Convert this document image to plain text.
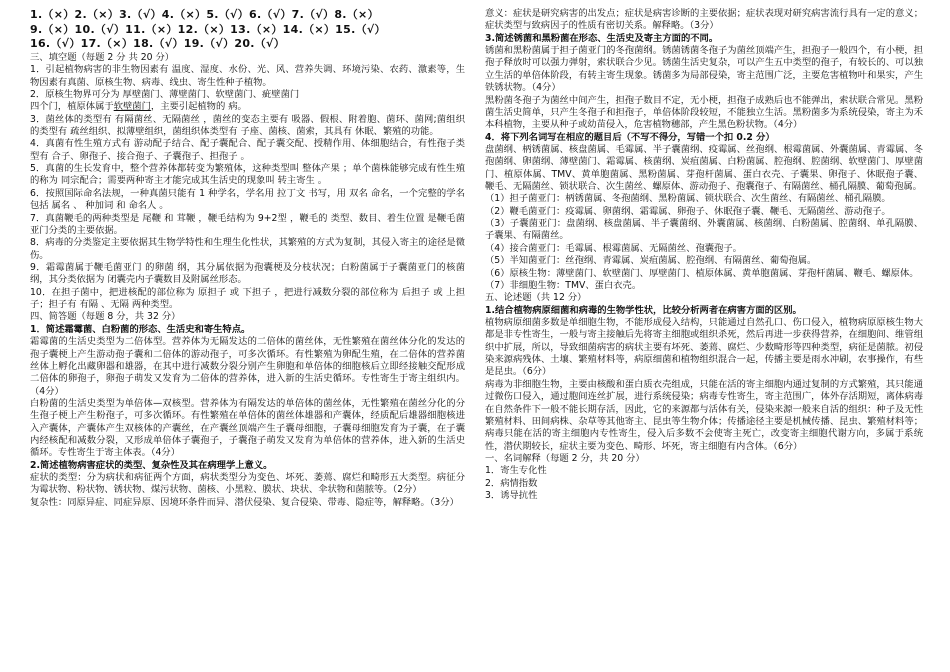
1.（×）2.（×）3.（√）4.（×）5.（√）6.（√）7.（√）8.（×）

9.（×）10.（√）11.（×）12.（×）13.（×）14.（×）15.（√）

16.（√）17.（×）18.（√）19.（√）20.（√）

三、填空题（每题 2 分 共 20 分）

1．引起植物病害的非生物因素有 温度、湿度、水份、光、风、营养失调、环境污染、农药、激素等，生物因素有真菌、原核生物、病毒、线虫、寄生性种子植物。

2．原核生物界可分为 厚壁菌门、薄壁菌门、软壁菌门、疵壁菌门

四个门，植原体属于软壁菌门，主要引起植物的 病。

3．菌丝体的类型有 有隔菌丝、无隔菌丝 ，菌丝的变态主要有 吸器、假根、附着胞、菌环、菌网;菌组织的类型有 疏丝组织、拟薄壁组织，菌组织体类型有 子座、菌核、菌索，其具有 休眠、繁殖的功能。

4．真菌有性生殖方式有 游动配子结合、配子囊配合、配子囊交配、授精作用、体细胞结合，有性孢子类型有 合子、卵孢子、接合孢子、子囊孢子、担孢子 。

5．真菌的生长发育中，整个营养体都转变为繁殖体，这种类型叫 整体产果 ；单个菌株能够完成有性生殖的称为 同宗配合；需要两种寄主才能完成其生活史的现象叫 转主寄生 。

6．按照国际命名法规，一种真菌只能有 1 种学名，学名用 拉丁文 书写，用 双名 命名，一个完整的学名包括 属名 、 种加词 和 命名人 。

7．真菌鞭毛的两种类型是 尾鞭 和 茸鞭 ，鞭毛结构为 9+2型 ，鞭毛的 类型、数目、着生位置 是鞭毛菌亚门分类的主要依据。

8．病毒的分类鉴定主要依据其生物学特性和生理生化性状，其繁殖的方式为复制，其侵入寄主的途径是微伤。

9．霜霉菌属于鞭毛菌亚门 的卵菌 纲，其分属依据为孢囊梗及分枝状况；白粉菌属于子囊菌亚门的核菌 纲，其分类依据为 闭囊壳内子囊数目及附属丝形态。

10．在担子菌中，把进核配的部位称为 原担子 或 下担子 ，把进行减数分裂的部位称为 后担子 或 上担子；担子有 有隔 、无隔 两种类型。

四、简答题（每题 8 分，共 32 分）

1．简述霜霉菌、白粉菌的形态、生活史和寄生特点。

霜霉菌的生活史类型为二倍体型。营养体为无隔发达的二倍体的菌丝体，无性繁殖在菌丝体分化的发达的孢子囊梗上产生游动孢子囊和二倍体的游动孢子，可多次循环。有性繁殖为卵配生殖，在二倍体的营养菌丝体上孵化出藏卵器和雄器，在其中进行减数分裂分别产生卵胞和单倍体的细胞核后立即经接触交配形成二倍体的卵孢子，卵孢子萌发又发育为二倍体的营养体，进入新的生活史循环。专性寄生于寄主组织内。（4分）

白粉菌的生活史类型为单倍体—双核型。营养体为有隔发达的单倍体的菌丝体，无性繁殖在菌丝分化的分生孢子梗上产生粉孢子，可多次循环。有性繁殖在单倍体的菌丝体雄器和产囊体，经质配后雄器细胞核进入产囊体，产囊体产生双核体的产囊丝，在产囊丝顶端产生子囊母细胞，子囊母细胞发育为子囊，在子囊内经核配和减数分裂，又形成单倍体子囊孢子，子囊孢子萌发又发育为单倍体的营养体，进入新的生活史循环。专性寄生于寄主体表。（4分）

2.简述植物病害症状的类型、复杂性及其在病理学上意义。

症状的类型：分为病状和病征两个方面，病状类型分为变色、坏死、萎蔫、腐烂和畸形五大类型。病征分为霉状物、粉状物、锈状物、煤污状物、菌核、小黑粒、膜状、块状、伞状物和菌脓等。（2分）

复杂性：同原异症、同症异原、因境环条件而异、潜伏侵染、复合侵染、带毒、隐症等，解释略。（3分）

意义：症状是研究病害的出发点；症状是病害诊断的主要依据；症状表现对研究病害流行具有一定的意义；症状类型与致病因子的性质有密切关系。解释略。（3分）

3.简述锈菌和黑粉菌在形态、生活史及寄主方面的不同。

锈菌和黑粉菌属于担子菌亚门的冬孢菌纲。锈菌锈菌冬孢子为菌丝顶端产生，担孢子一般四个，有小梗，担孢子释放时可以强力弹射，索状联合少见。锈菌生活史复杂，可以产生五中类型的孢子，有较长的、可以独立生活的单倍体阶段，有转主寄生现象。锈菌多为局部侵染，寄主范围广泛，主要危害植物叶和果实，产生铁锈状物。（4分）

黑粉菌冬孢子为菌丝中间产生，担孢子数目不定，无小梗，担孢子成熟后也不能弹出，索状联合常见。黑粉菌生活史简单，只产生冬孢子和担孢子，单倍体阶段较短，不能独立生活。黑粉菌多为系统侵染，寄主为禾本科植物，主要从种子或幼苗侵入，危害植物穗部，产生黑色粉状物。（4分）

4．将下列名词写在相应的题目后（不写不得分，写错一个扣 0.2 分）

盘菌纲、柄锈菌属、核盘菌属、毛霉属、半子囊菌纲、疫霉属、丝孢纲、根霉菌属、外囊菌属、青霉属、冬孢菌纲、卵菌纲、薄壁菌门、霜霉属、核菌纲、炭疽菌属、白粉菌属、腔孢纲、腔菌纲、软壁菌门、厚壁菌门、植原体属、TMV、黄单胞菌属、黑粉菌属、芽孢杆菌属、蛋白衣壳、子囊果、卵孢子、休眠孢子囊、鞭毛、无隔菌丝、锁状联合、次生菌丝、螺原体、游动孢子、孢囊孢子、有隔菌丝、桶孔隔膜、葡萄孢属。

（1）担子菌亚门：柄锈菌属、冬孢菌纲、黑粉菌属、锁状联合、次生菌丝、有隔菌丝、桶孔隔膜。

（2）鞭毛菌亚门：疫霉属、卵菌纲、霜霉属、卵孢子、休眠孢子囊、鞭毛、无隔菌丝、游动孢子。

（3）子囊菌亚门：盘菌纲、核盘菌属、半子囊菌纲、外囊菌属、核菌纲、白粉菌属、腔菌纲、单孔隔膜、子囊果、有隔菌丝。

（4）接合菌亚门：毛霉属、根霉菌属、无隔菌丝、孢囊孢子。

（5）半知菌亚门：丝孢纲、青霉属、炭疽菌属、腔孢纲、有隔菌丝、葡萄孢属。

（6）原核生物：薄壁菌门、软壁菌门、厚壁菌门、植原体属、黄单胞菌属、芽孢杆菌属、鞭毛、螺原体。

（7）非细胞生物：TMV、蛋白衣壳。

五、论述题（共 12 分）

1.结合植物病原细菌和病毒的生物学性状，比较分析两者在病害方面的区别。

植物病原细菌多数是单细胞生物，不能形成侵入结构，只能通过自然孔口、伤口侵入，植物病原原核生物大都是非专性寄生，一般与寄主接触后先将寄主细胞或组织杀死，然后再进一步获得营养，在细胞间、维管组织中扩展，所以，导致细菌病害的病状主要有坏死、萎蔫、腐烂、少数畸形等四种类型，病征是菌脓。初侵染来源病残体、土壤、繁殖材料等，病原细菌和植物组织混合一起，传播主要是雨水冲刷，农事操作，有些是昆虫。（6分）

病毒为非细胞生物，主要由核酸和蛋白质衣壳组成，只能在活的寄主细胞内通过复制的方式繁殖，其只能通过微伤口侵入，通过胞间连丝扩展，进行系统侵染；病毒专性寄生，寄主范围广，体外存活期短，离体病毒在自然条件下一般不能长期存活，因此，它的来源都与活体有关，侵染来源一般来自活的组织：种子及无性繁殖材料、田间病株、杂草等其他寄主、昆虫等生物介体；传播途径主要是机械传播、昆虫、繁殖材料等；病毒只能在活的寄主细胞内专性寄生，侵入后多数不会使寄主死亡，改变寄主细胞代谢方向，多属于系统性，潜伏期较长，症状主要为变色、畸形、坏死，寄主细胞有内含体。（6分）

一、名词解释（每题 2 分，共 20 分）

1．寄生专化性

2．病情指数

3．诱导抗性
